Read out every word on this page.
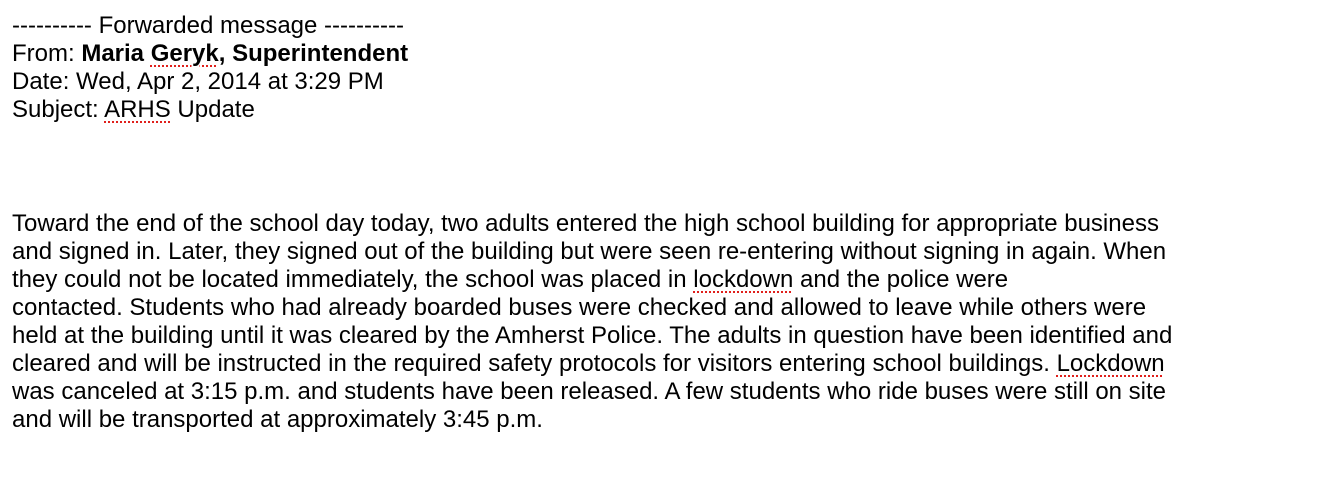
---------- Forwarded message ----------
From: Maria Geryk, Superintendent
Date: Wed, Apr 2, 2014 at 3:29 PM
Subject: ARHS Update
Toward the end of the school day today, two adults entered the high school building for appropriate business
and signed in. Later, they signed out of the building but were seen re-entering without signing in again. When
they could not be located immediately, the school was placed in lockdown and the police were
contacted. Students who had already boarded buses were checked and allowed to leave while others were
held at the building until it was cleared by the Amherst Police. The adults in question have been identified and
cleared and will be instructed in the required safety protocols for visitors entering school buildings. Lockdown
was canceled at 3:15 p.m. and students have been released. A few students who ride buses were still on site
and will be transported at approximately 3:45 p.m.
